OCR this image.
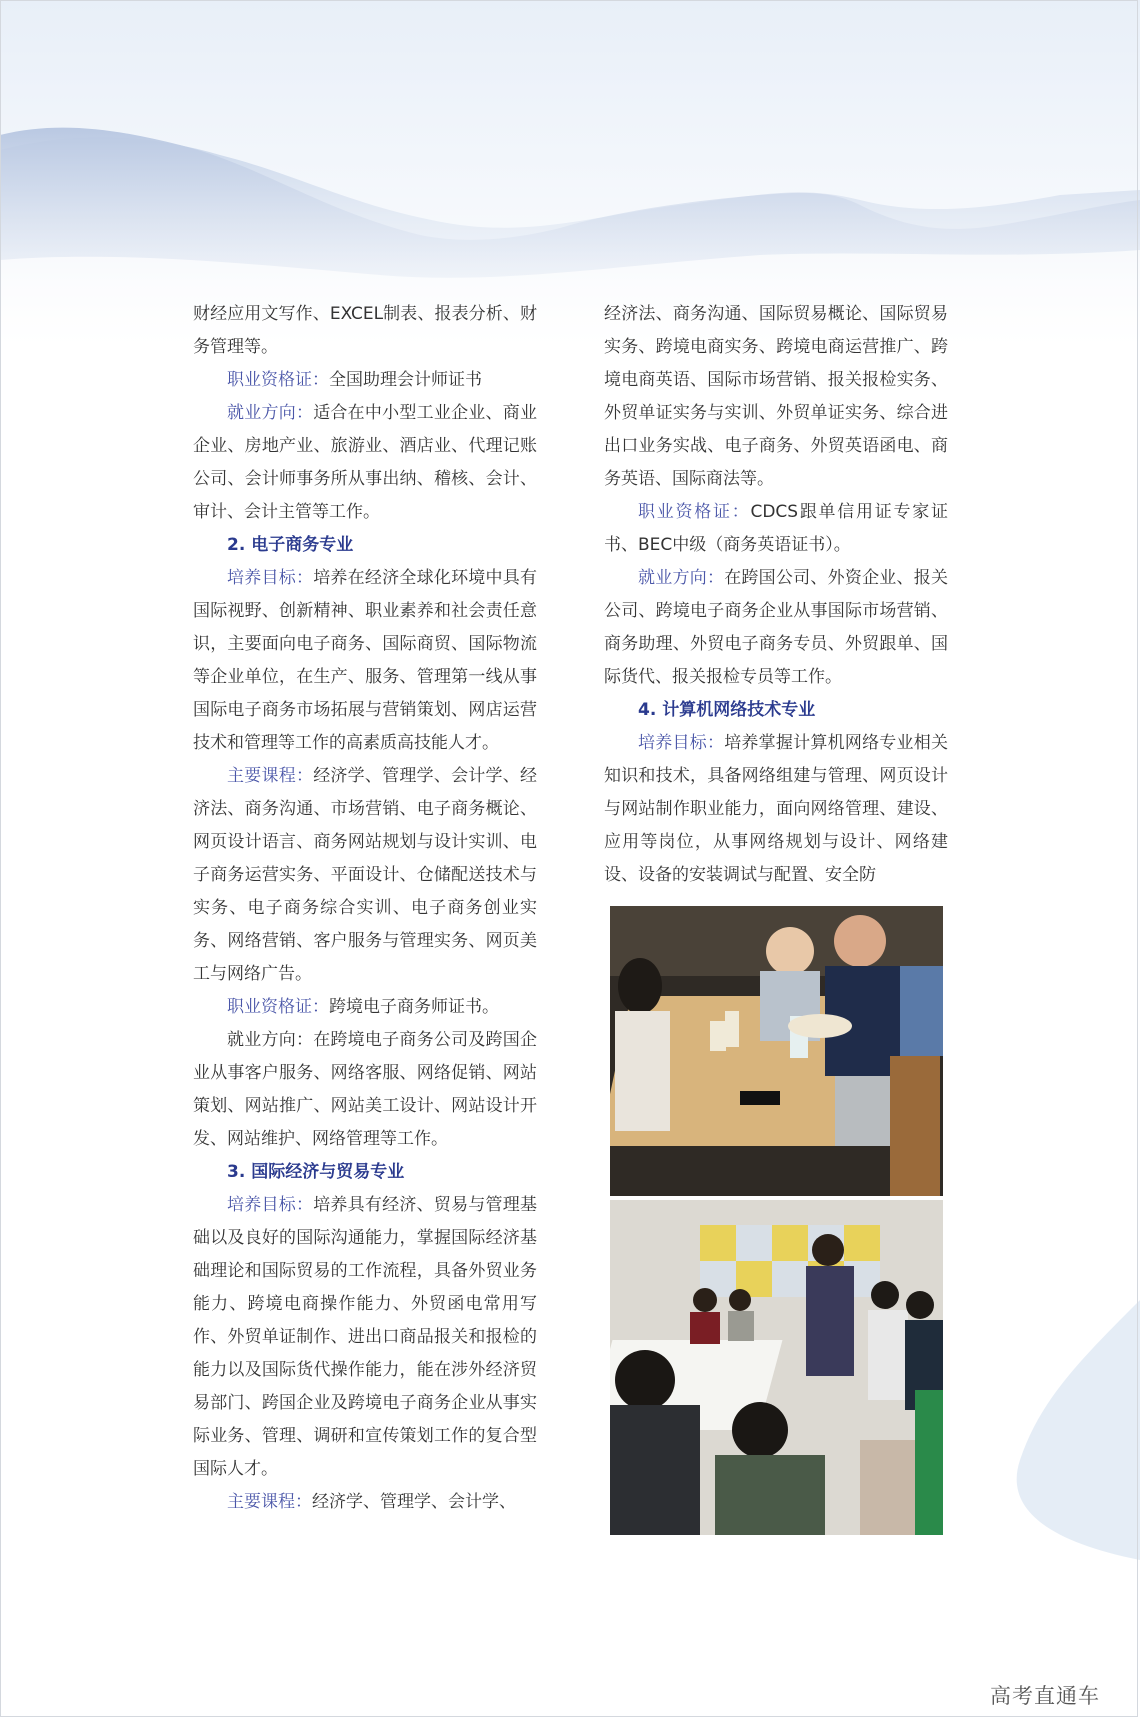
财经应用文写作、EXCEL制表、报表分析、财务管理等。

职业资格证：全国助理会计师证书

就业方向：适合在中小型工业企业、商业企业、房地产业、旅游业、酒店业、代理记账公司、会计师事务所从事出纳、稽核、会计、审计、会计主管等工作。

2. 电子商务专业

培养目标：培养在经济全球化环境中具有国际视野、创新精神、职业素养和社会责任意识，主要面向电子商务、国际商贸、国际物流等企业单位，在生产、服务、管理第一线从事国际电子商务市场拓展与营销策划、网店运营技术和管理等工作的高素质高技能人才。

主要课程：经济学、管理学、会计学、经济法、商务沟通、市场营销、电子商务概论、网页设计语言、商务网站规划与设计实训、电子商务运营实务、平面设计、仓储配送技术与实务、电子商务综合实训、电子商务创业实务、网络营销、客户服务与管理实务、网页美工与网络广告。

职业资格证：跨境电子商务师证书。

就业方向：在跨境电子商务公司及跨国企业从事客户服务、网络客服、网络促销、网站策划、网站推广、网站美工设计、网站设计开发、网站维护、网络管理等工作。

3. 国际经济与贸易专业

培养目标：培养具有经济、贸易与管理基础以及良好的国际沟通能力，掌握国际经济基础理论和国际贸易的工作流程，具备外贸业务能力、跨境电商操作能力、外贸函电常用写作、外贸单证制作、进出口商品报关和报检的能力以及国际货代操作能力，能在涉外经济贸易部门、跨国企业及跨境电子商务企业从事实际业务、管理、调研和宣传策划工作的复合型国际人才。

主要课程：经济学、管理学、会计学、

经济法、商务沟通、国际贸易概论、国际贸易实务、跨境电商实务、跨境电商运营推广、跨境电商英语、国际市场营销、报关报检实务、外贸单证实务与实训、外贸单证实务、综合进出口业务实战、电子商务、外贸英语函电、商务英语、国际商法等。

职业资格证：CDCS跟单信用证专家证书、BEC中级（商务英语证书）。

就业方向：在跨国公司、外资企业、报关公司、跨境电子商务企业从事国际市场营销、商务助理、外贸电子商务专员、外贸跟单、国际货代、报关报检专员等工作。

4. 计算机网络技术专业

培养目标：培养掌握计算机网络专业相关知识和技术，具备网络组建与管理、网页设计与网站制作职业能力，面向网络管理、建设、应用等岗位，从事网络规划与设计、网络建设、设备的安装调试与配置、安全防

高考直通车
